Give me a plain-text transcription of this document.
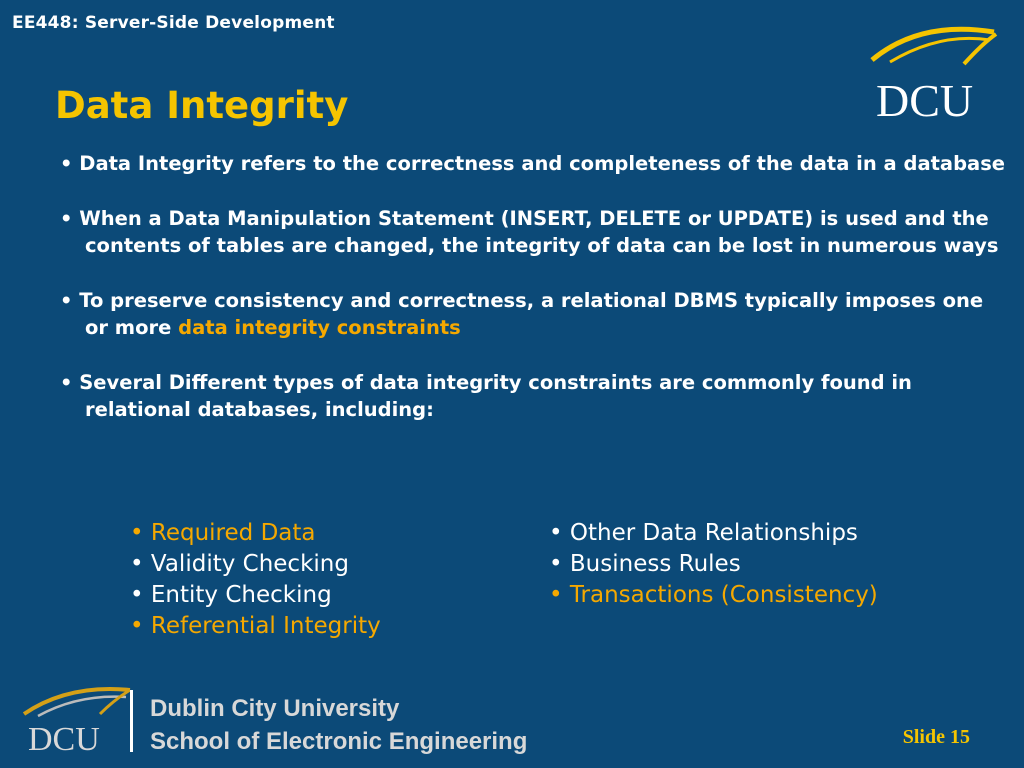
EE448: Server-Side Development
Data Integrity	DCU
• Data Integrity refers to the correctness and completeness of the data in a database
• When a Data Manipulation Statement (INSERT, DELETE or UPDATE) is used and the contents of tables are changed, the integrity of data can be lost in numerous ways
• To preserve consistency and correctness, a relational DBMS typically imposes one or more data integrity constraints
• Several Different types of data integrity constraints are commonly found in relational databases, including:
• Required Data
• Validity Checking
• Entity Checking
• Referential Integrity
• Other Data Relationships
• Business Rules
• Transactions (Consistency)
DCU
Dublin City University
School of Electronic Engineering	Slide 15
